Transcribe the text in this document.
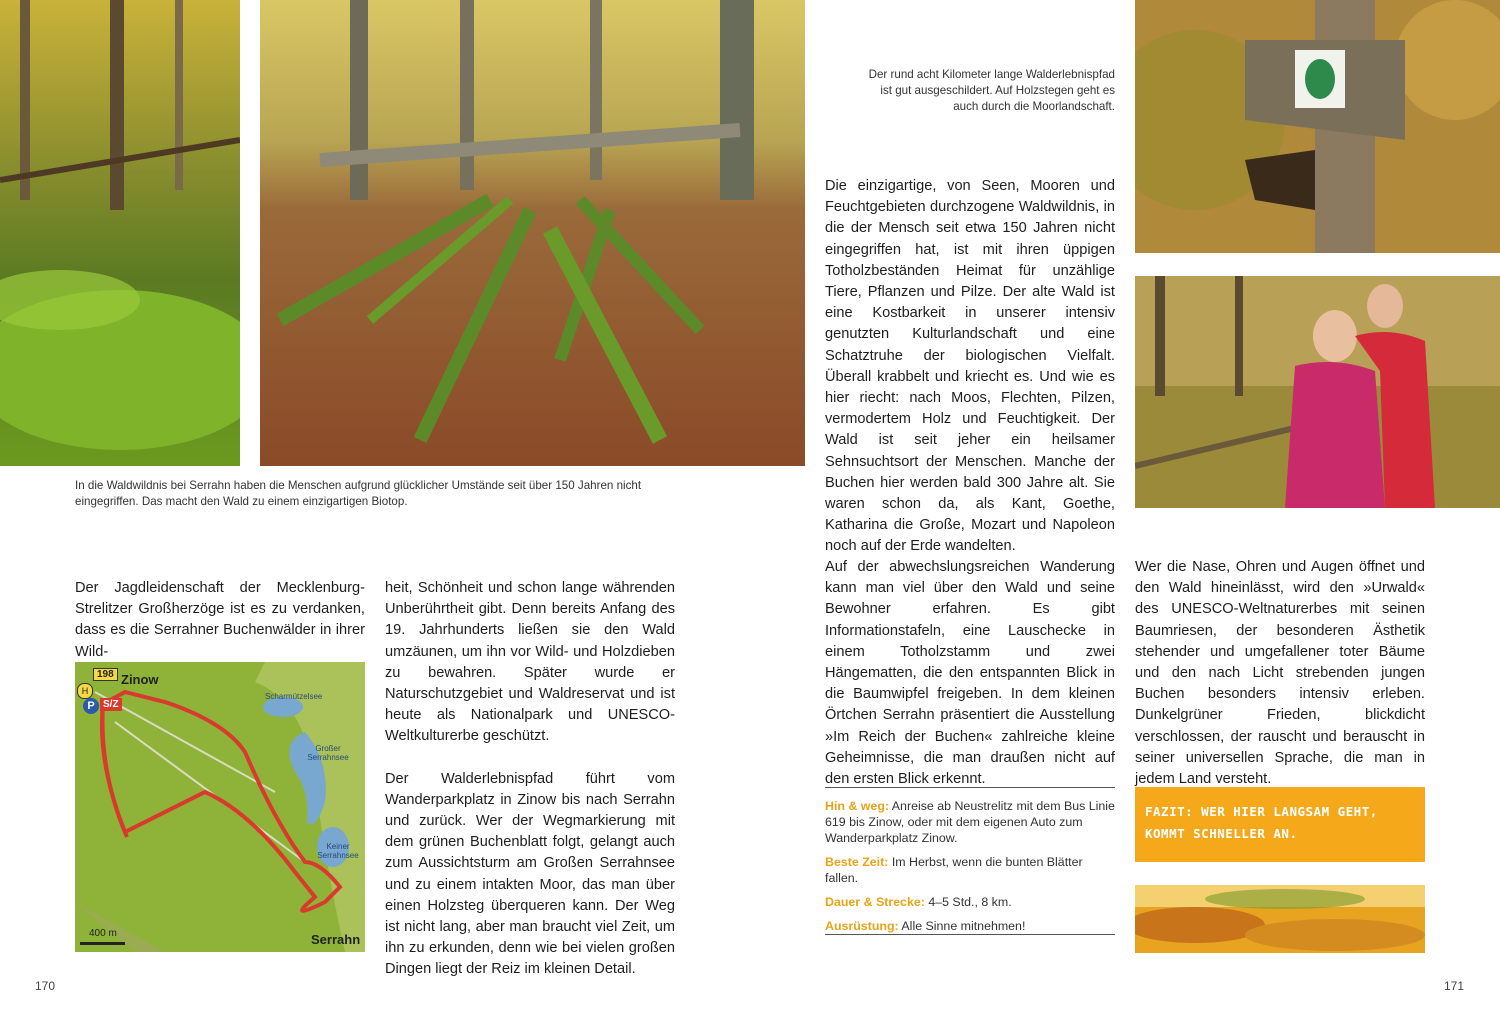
In die Waldwildnis bei Serrahn haben die Menschen aufgrund glücklicher Umstände seit über 150 Jahren nicht eingegriffen. Das macht den Wald zu einem einzigartigen Biotop.
Der rund acht Kilometer lange Walderlebnispfad ist gut ausgeschildert. Auf Holzstegen geht es auch durch die Moorlandschaft.

Der Jagdleidenschaft der Mecklenburg-Strelitzer Großherzöge ist es zu verdanken, dass es die Serrahner Buchenwälder in ihrer Wild-

heit, Schönheit und schon lange währenden Unberührtheit gibt. Denn bereits Anfang des 19. Jahrhunderts ließen sie den Wald umzäunen, um ihn vor Wild- und Holzdieben zu bewahren. Später wurde er Naturschutzgebiet und Waldreservat und ist heute als Nationalpark und UNESCO-Weltkulturerbe geschützt.

Der Walderlebnispfad führt vom Wanderparkplatz in Zinow bis nach Serrahn und zurück. Wer der Wegmarkierung mit dem grünen Buchenblatt folgt, gelangt auch zum Aussichtsturm am Großen Serrahnsee und zu einem intakten Moor, das man über einen Holzsteg überqueren kann. Der Weg ist nicht lang, aber man braucht viel Zeit, um ihn zu erkunden, denn wie bei vielen großen Dingen liegt der Reiz im kleinen Detail.

198
H
Zinow
P S/Z
Scharmützelsee
Großer Serrahnsee
Keiner Serrahnsee
Serrahn
400 m

Die einzigartige, von Seen, Mooren und Feuchtgebieten durchzogene Waldwildnis, in die der Mensch seit etwa 150 Jahren nicht eingegriffen hat, ist mit ihren üppigen Totholzbeständen Heimat für unzählige Tiere, Pflanzen und Pilze. Der alte Wald ist eine Kostbarkeit in unserer intensiv genutzten Kulturlandschaft und eine Schatztruhe der biologischen Vielfalt. Überall krabbelt und kriecht es. Und wie es hier riecht: nach Moos, Flechten, Pilzen, vermodertem Holz und Feuchtigkeit. Der Wald ist seit jeher ein heilsamer Sehnsuchtsort der Menschen. Manche der Buchen hier werden bald 300 Jahre alt. Sie waren schon da, als Kant, Goethe, Katharina die Große, Mozart und Napoleon noch auf der Erde wandelten.

Auf der abwechslungsreichen Wanderung kann man viel über den Wald und seine Bewohner erfahren. Es gibt Informationstafeln, eine Lauschecke in einem Totholzstamm und zwei Hängematten, die den entspannten Blick in die Baumwipfel freigeben. In dem kleinen Örtchen Serrahn präsentiert die Ausstellung »Im Reich der Buchen« zahlreiche kleine Geheimnisse, die man draußen nicht auf den ersten Blick erkennt.

Wer die Nase, Ohren und Augen öffnet und den Wald hineinlässt, wird den »Urwald« des UNESCO-Weltnaturerbes mit seinen Baumriesen, der besonderen Ästhetik stehender und umgefallener toter Bäume und den nach Licht strebenden jungen Buchen besonders intensiv erleben. Dunkelgrüner Frieden, blickdicht verschlossen, der rauscht und berauscht in seiner universellen Sprache, die man in jedem Land versteht.

Hin & weg: Anreise ab Neustrelitz mit dem Bus Linie 619 bis Zinow, oder mit dem eigenen Auto zum Wanderparkplatz Zinow.
Beste Zeit: Im Herbst, wenn die bunten Blätter fallen.
Dauer & Strecke: 4–5 Std., 8 km.
Ausrüstung: Alle Sinne mitnehmen!
FAZIT: WER HIER LANGSAM GEHT, KOMMT SCHNELLER AN.
170	171
